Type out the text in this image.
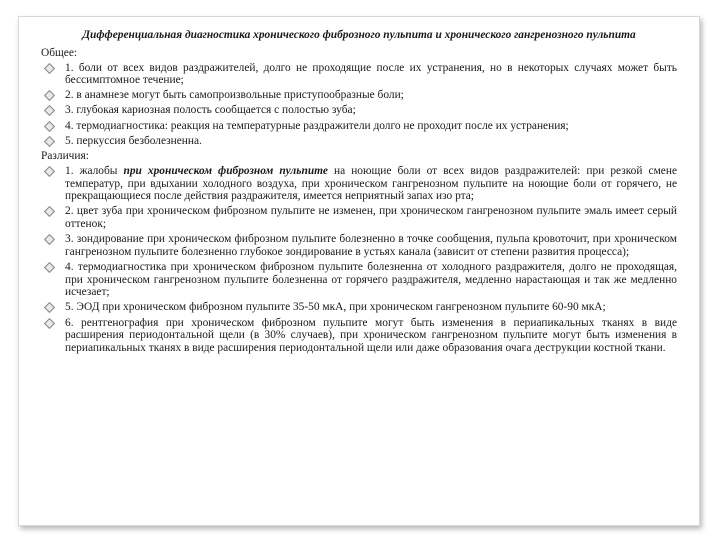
Дифференциальная диагностика хронического фиброзного пульпита и хронического гангренозного пульпита
Общее:
1. боли от всех видов раздражителей, долго не проходящие после их устранения, но в некоторых случаях может быть бессимптомное течение;
2. в анамнезе могут быть самопроизвольные приступообразные боли;
3. глубокая кариозная полость сообщается с полостью зуба;
4. термодиагностика: реакция на температурные раздражители долго не проходит после их устранения;
5. перкуссия безболезненна.
Различия:
1. жалобы при хроническом фиброзном пульпите на ноющие боли от всех видов раздражителей: при резкой смене температур, при вдыхании холодного воздуха, при хроническом гангренозном пульпите на ноющие боли от горячего, не прекращающиеся после действия раздражителя, имеется неприятный запах изо рта;
2. цвет зуба при хроническом фиброзном пульпите не изменен, при хроническом гангренозном пульпите эмаль имеет серый оттенок;
3. зондирование при хроническом фиброзном пульпите болезненно в точке сообщения, пульпа кровоточит, при хроническом гангренозном пульпите болезненно глубокое зондирование в устьях канала (зависит от степени развития процесса);
4. термодиагностика при хроническом фиброзном пульпите болезненна от холодного раздражителя, долго не проходящая, при хроническом гангренозном пульпите болезненна от горячего раздражителя, медленно нарастающая и так же медленно исчезает;
5. ЭОД при хроническом фиброзном пульпите 35-50 мкА, при хроническом гангренозном пульпите 60-90 мкА;
6. рентгенография при хроническом фиброзном пульпите могут быть изменения в периапикальных тканях в виде расширения периодонтальной щели (в 30% случаев), при хроническом гангренозном пульпите могут быть изменения в периапикальных тканях в виде расширения периодонтальной щели или даже образования очага деструкции костной ткани.
